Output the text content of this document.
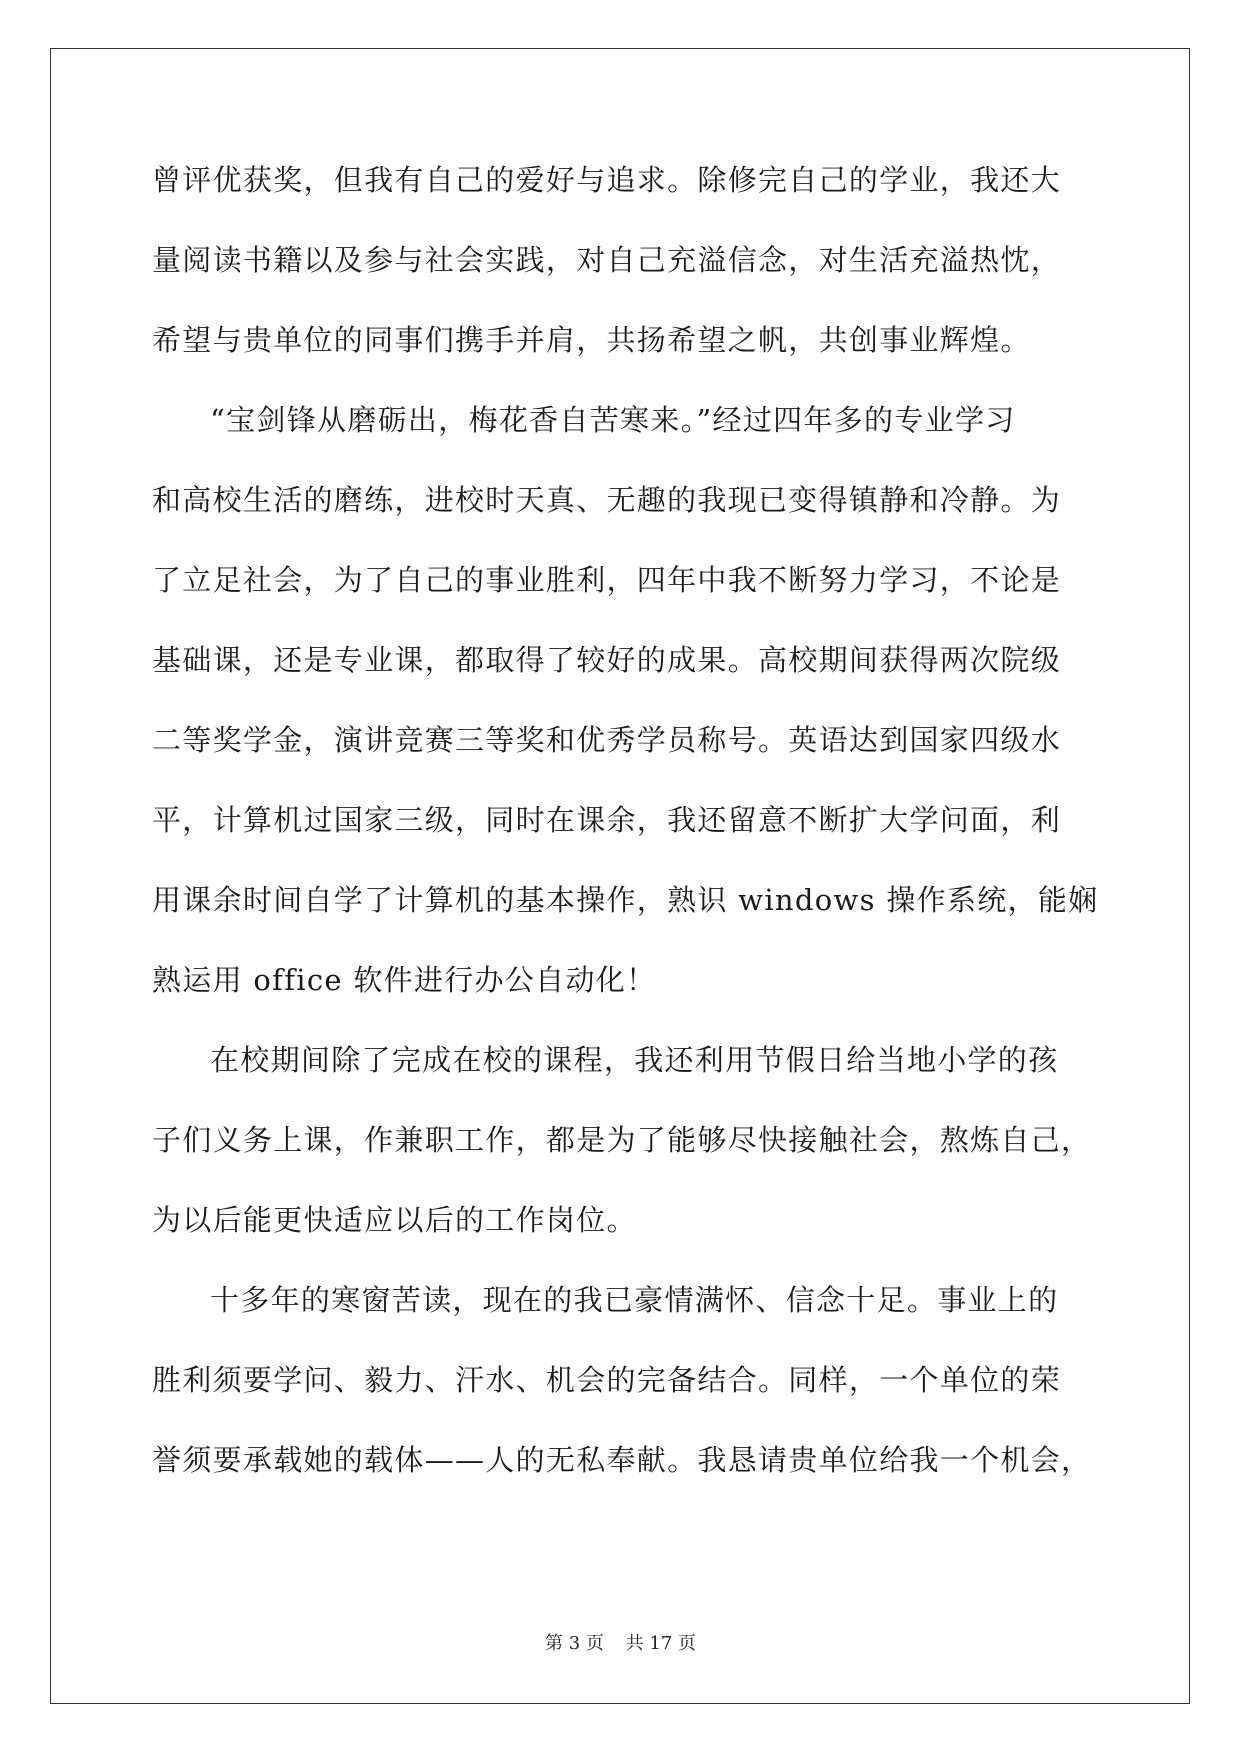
曾评优获奖，但我有自己的爱好与追求。除修完自己的学业，我还大
量阅读书籍以及参与社会实践，对自己充溢信念，对生活充溢热忱，
希望与贵单位的同事们携手并肩，共扬希望之帆，共创事业辉煌。
“宝剑锋从磨砺出，梅花香自苦寒来。”经过四年多的专业学习
和高校生活的磨练，进校时天真、无趣的我现已变得镇静和冷静。为
了立足社会，为了自己的事业胜利，四年中我不断努力学习，不论是
基础课，还是专业课，都取得了较好的成果。高校期间获得两次院级
二等奖学金，演讲竞赛三等奖和优秀学员称号。英语达到国家四级水
平，计算机过国家三级，同时在课余，我还留意不断扩大学问面，利
用课余时间自学了计算机的基本操作，熟识 windows 操作系统，能娴
熟运用 office 软件进行办公自动化！
在校期间除了完成在校的课程，我还利用节假日给当地小学的孩
子们义务上课，作兼职工作，都是为了能够尽快接触社会，熬炼自己，
为以后能更快适应以后的工作岗位。
十多年的寒窗苦读，现在的我已豪情满怀、信念十足。事业上的
胜利须要学问、毅力、汗水、机会的完备结合。同样，一个单位的荣
誉须要承载她的载体——人的无私奉献。我恳请贵单位给我一个机会，
第 3 页 共 17 页
